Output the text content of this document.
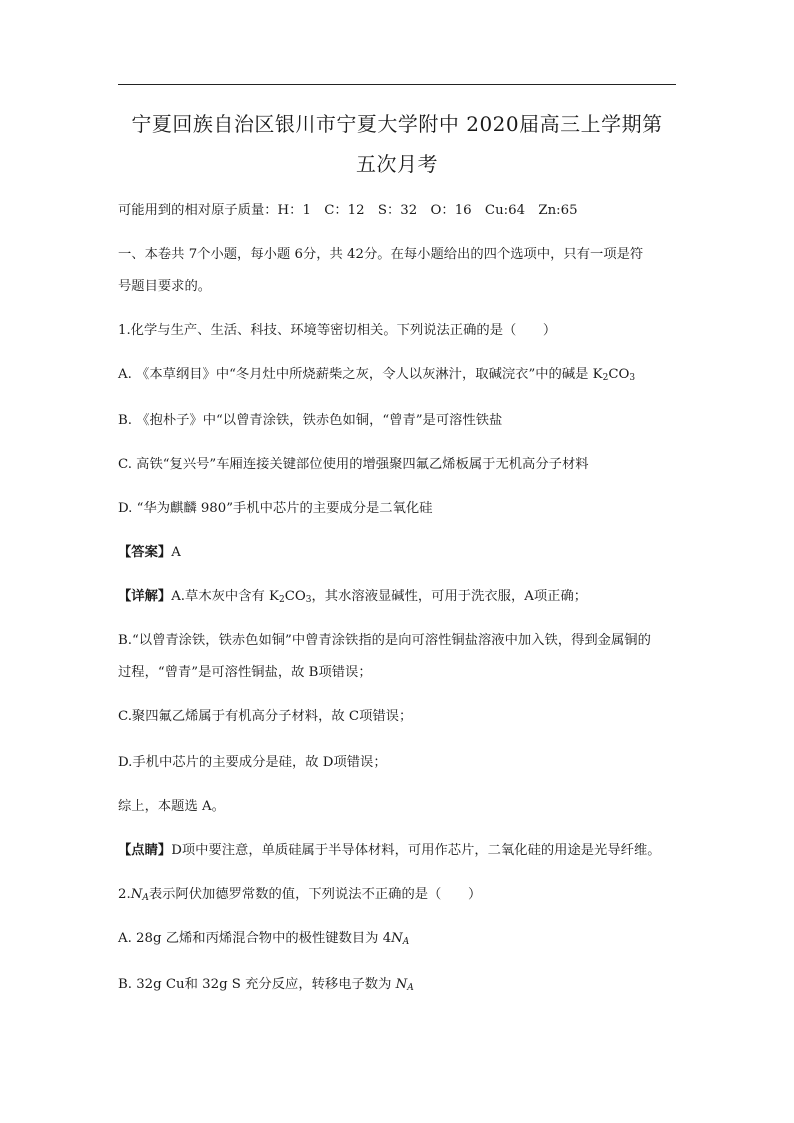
宁夏回族自治区银川市宁夏大学附中 2020届高三上学期第
五次月考
可能用到的相对原子质量：H：1　C：12　S：32　O：16　Cu:64　Zn:65
一、本卷共 7个小题，每小题 6分，共 42分。在每小题给出的四个选项中，只有一项是符
号题目要求的。
1.化学与生产、生活、科技、环境等密切相关。下列说法正确的是（　　）
A. 《本草纲目》中“冬月灶中所烧薪柴之灰，令人以灰淋汁，取碱浣衣”中的碱是 $K_2CO_3$
B. 《抱朴子》中“以曾青涂铁，铁赤色如铜，“曾青”是可溶性铁盐
C. 高铁“复兴号”车厢连接关键部位使用的增强聚四氟乙烯板属于无机高分子材料
D. “华为麒麟 980”手机中芯片的主要成分是二氧化硅
【答案】A
【详解】A.草木灰中含有 $K_2CO_3$，其水溶液显碱性，可用于洗衣服，A项正确；
B.“以曾青涂铁，铁赤色如铜”中曾青涂铁指的是向可溶性铜盐溶液中加入铁，得到金属铜的
过程，“曾青”是可溶性铜盐，故 B项错误；
C.聚四氟乙烯属于有机高分子材料，故 C项错误；
D.手机中芯片的主要成分是硅，故 D项错误；
综上，本题选 A。
【点睛】D项中要注意，单质硅属于半导体材料，可用作芯片，二氧化硅的用途是光导纤维。
$2.N_A$表示阿伏加德罗常数的值，下列说法不正确的是（　　）
A. 28g 乙烯和丙烯混合物中的极性键数目为 $4N_A$
B. 32g Cu和 32g S 充分反应，转移电子数为 $N_A$
